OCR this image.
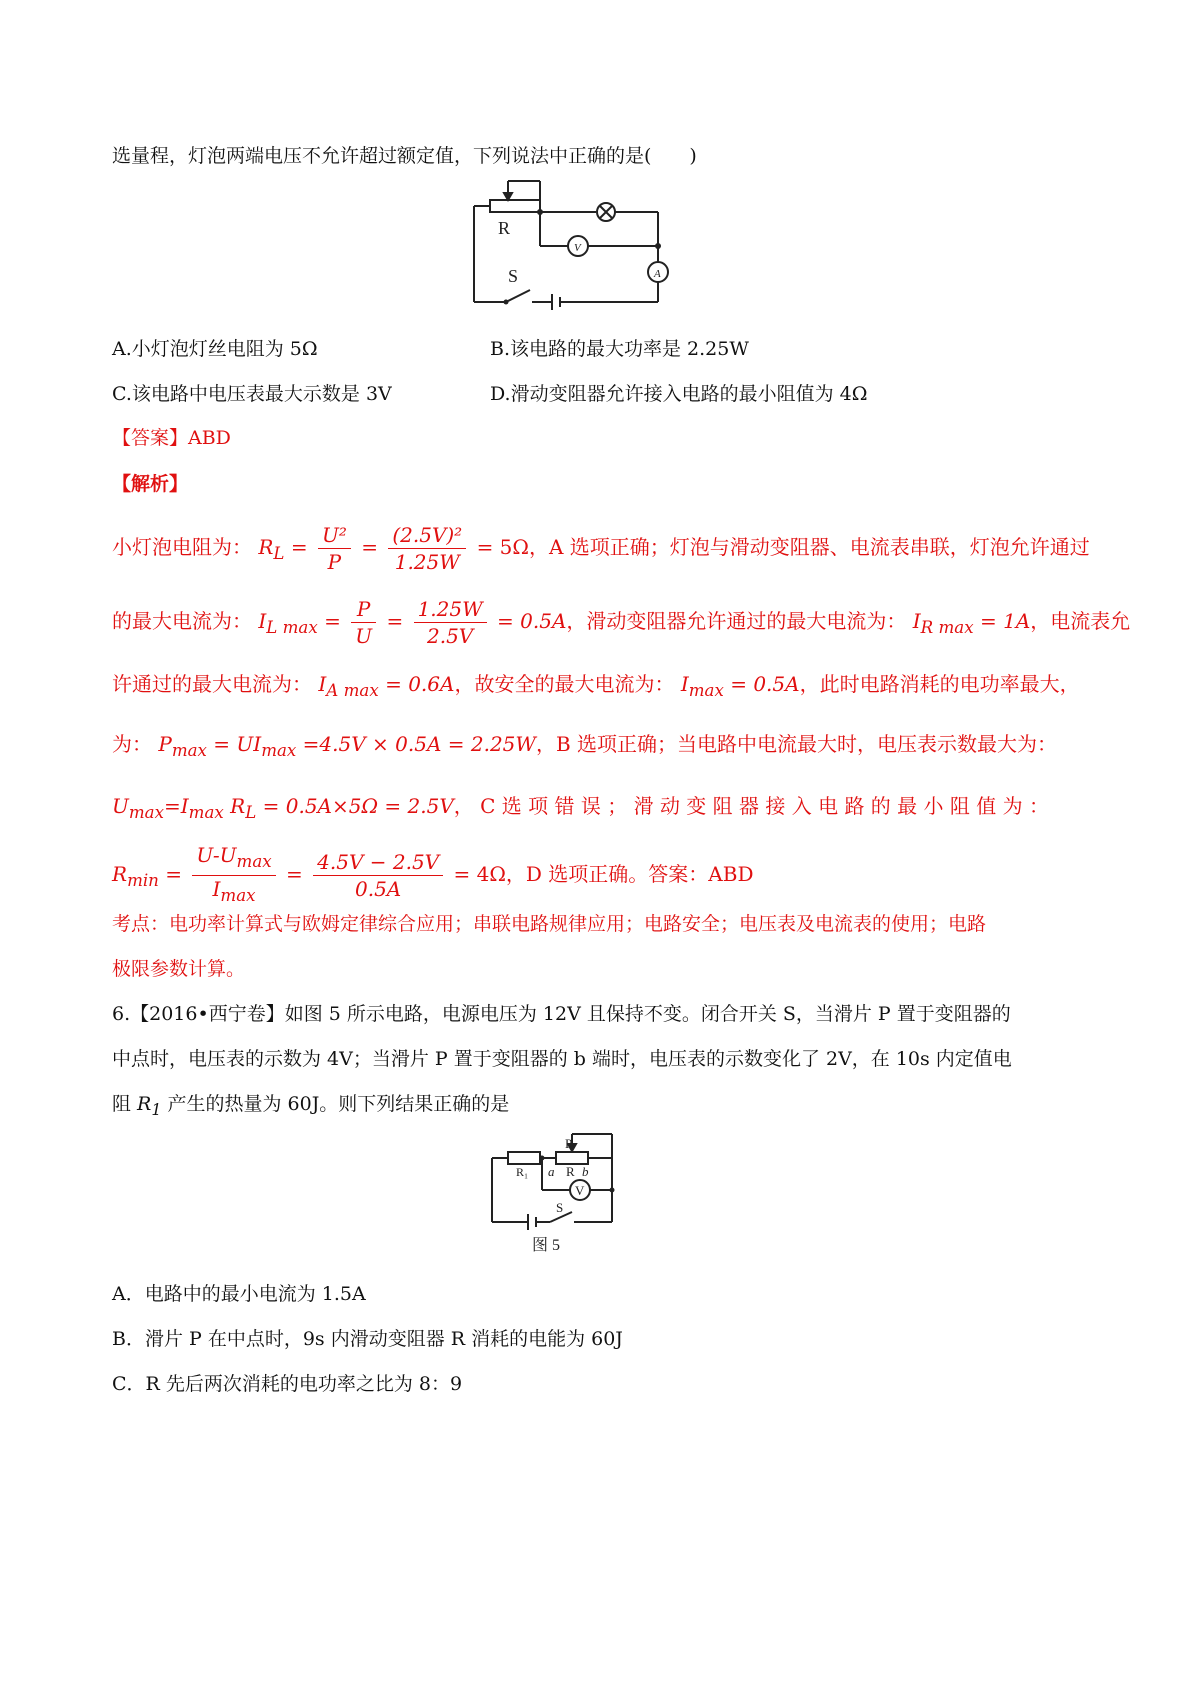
选量程，灯泡两端电压不允许超过额定值，下列说法中正确的是(　　)
R
S
V
A
A.小灯泡灯丝电阻为 5Ω	B.该电路的最大功率是 2.25W
C.该电路中电压表最大示数是 3V	D.滑动变阻器允许接入电路的最小阻值为 4Ω
【答案】ABD
【解析】
小灯泡电阻为： $R_L = \frac{\text{U²}}{P} = \frac{\text{(2.5V)²}}{1.25W} = 5\Omega$，A 选项正确；灯泡与滑动变阻器、电流表串联，灯泡允许通过
的最大电流为： $I_{L max} = \frac{P}{U} = \frac{1.25W}{2.5V} = 0.5A$，滑动变阻器允许通过的最大电流为： $I_{R max} = 1A$，电流表允
许通过的最大电流为： $I_{A max} = 0.6A$，故安全的最大电流为： $I_{max} = 0.5A$，此时电路消耗的电功率最大，
为： $P_{max} = UI_{max} =4.5V \times 0.5A = 2.25W$，B 选项正确；当电路中电流最大时，电压表示数最大为：
$U_{max}=I_{max}$ $R_L = 0.5A\times 5\Omega = 2.5V$， C 选 项 错 误 ； 滑 动 变 阻 器 接 入 电 路 的 最 小 阻 值 为 ：
$R_{min} = \frac{U-U_{max}}{I_{max}} = \frac{4.5V - 2.5V}{0.5A} = 4\Omega$，D 选项正确。答案：ABD
考点：电功率计算式与欧姆定律综合应用；串联电路规律应用；电路安全；电压表及电流表的使用；电路
极限参数计算。
6.【2016•西宁卷】如图 5 所示电路，电源电压为 12V 且保持不变。闭合开关 S，当滑片 P 置于变阻器的
中点时，电压表的示数为 4V；当滑片 P 置于变阻器的 b 端时，电压表的示数变化了 2V，在 10s 内定值电
阻 $R_1$ 产生的热量为 60J。则下列结果正确的是
P
R₁ a R b
V
S
图 5
A．电路中的最小电流为 1.5A
B．滑片 P 在中点时，9s 内滑动变阻器 R 消耗的电能为 60J
C．R 先后两次消耗的电功率之比为 8：9
